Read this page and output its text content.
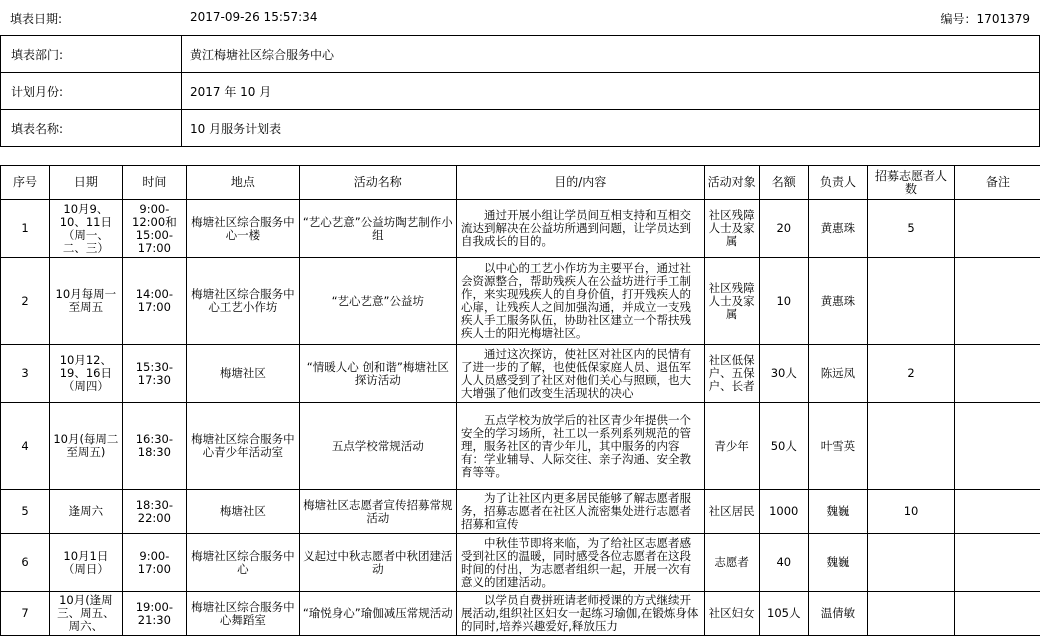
填表日期:	2017-09-26 15:57:34	编号：1701379
填表部门:	黄江梅塘社区综合服务中心
计划月份:	2017 年 10 月
填表名称:	10 月服务计划表
序号	日期	时间	地点	活动名称	目的/内容	活动对象	名额	负责人	招募志愿者人数	备注

1	10月9、10、11日（周一、二、三）	9:00-12:00和15:00-17:00	梅塘社区综合服务中心一楼	“艺心艺意”公益坊陶艺制作小组	通过开展小组让学员间互相支持和互相交流达到解决在公益坊所遇到问题，让学员达到自我成长的目的。	社区残障人士及家属	20	黄惠珠	5	

2	10月每周一至周五	14:00-17:00	梅塘社区综合服务中心工艺小作坊	“艺心艺意”公益坊	以中心的工艺小作坊为主要平台，通过社会资源整合，帮助残疾人在公益坊进行手工制作，来实现残疾人的自身价值，打开残疾人的心扉，让残疾人之间加强沟通，并成立一支残疾人手工服务队伍，协助社区建立一个帮扶残疾人士的阳光梅塘社区。	社区残障人士及家属	10	黄惠珠		

3	10月12、19、16日（周四）	15:30-17:30	梅塘社区	“情暖人心 创和谐”梅塘社区探访活动	通过这次探访，使社区对社区内的民情有了进一步的了解，也使低保家庭人员、退伍军人人员感受到了社区对他们关心与照顾，也大大增强了他们改变生活现状的决心	社区低保户、五保户、长者	30人	陈远凤	2	

4	10月(每周二至周五)	16:30-18:30	梅塘社区综合服务中心青少年活动室	五点学校常规活动	五点学校为放学后的社区青少年提供一个安全的学习场所，社工以一系列系列规范的管理，服务社区的青少年儿，其中服务的内容有：学业辅导、人际交往、亲子沟通、安全教育等等。	青少年	50人	叶雪英		

5	逢周六	18:30-22:00	梅塘社区	梅塘社区志愿者宣传招募常规活动	为了让社区内更多居民能够了解志愿者服务，招募志愿者在社区人流密集处进行志愿者招募和宣传	社区居民	1000	魏巍	10	

6	10月1日（周日）	9:00-17:00	梅塘社区综合服务中心	义起过中秋志愿者中秋团建活动	中秋佳节即将来临，为了给社区志愿者感受到社区的温暖，同时感受各位志愿者在这段时间的付出，为志愿者组织一起，开展一次有意义的团建活动。	志愿者	40	魏巍		

7	10月(逢周三、周五、周六、	19:00-21:30	梅塘社区综合服务中心舞蹈室	“瑜悦身心”瑜伽减压常规活动	以学员自费拼班请老师授课的方式继续开展活动,组织社区妇女一起练习瑜伽,在锻炼身体的同时,培养兴趣爱好,释放压力	社区妇女	105人	温倩敏		
